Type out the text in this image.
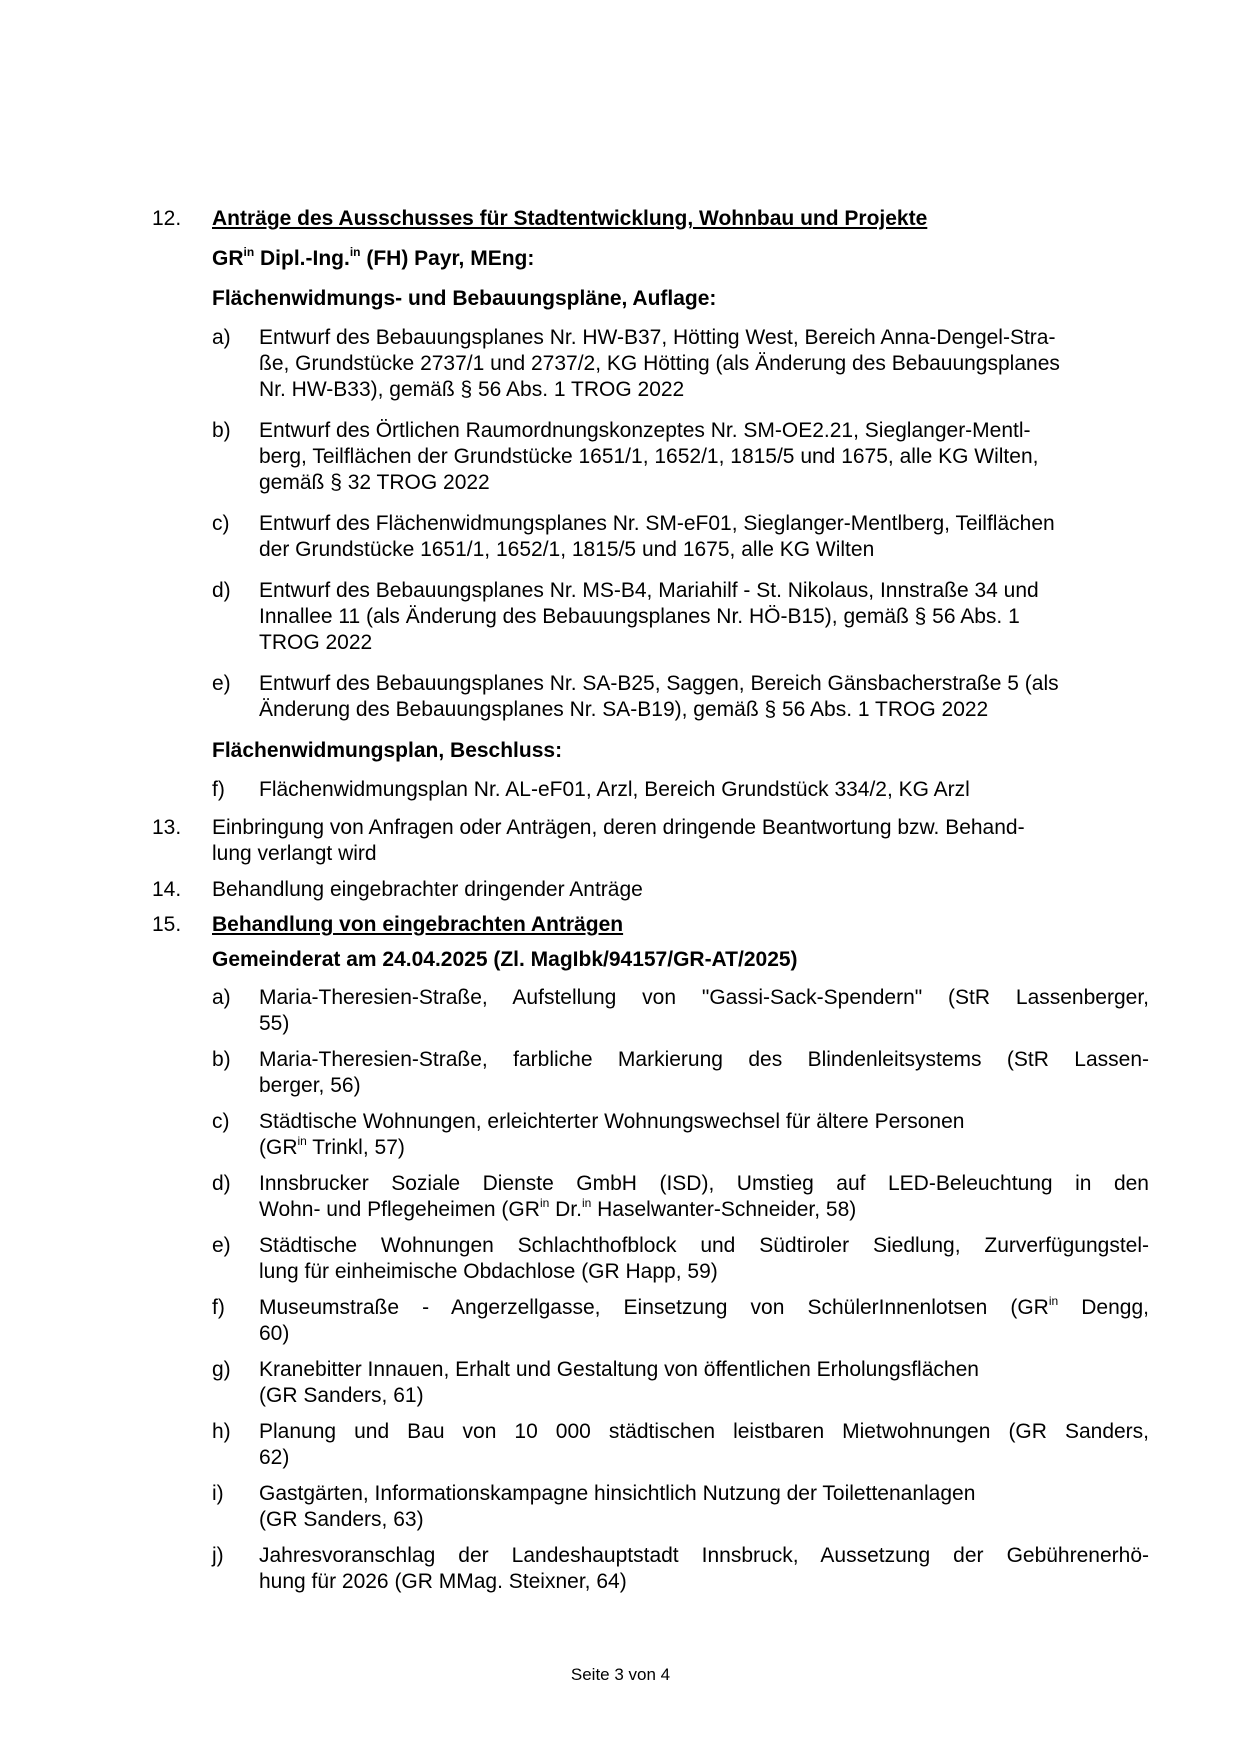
12.	Anträge des Ausschusses für Stadtentwicklung, Wohnbau und Projekte
$GR^{in}$ Dipl.-Ing.$^{in}$ (FH) Payr, MEng:
Flächenwidmungs- und Bebauungspläne, Auflage:
a)	Entwurf des Bebauungsplanes Nr. HW-B37, Hötting West, Bereich Anna-Dengel-Stra-

ße, Grundstücke 2737/1 und 2737/2, KG Hötting (als Änderung des Bebauungsplanes

Nr. HW-B33), gemäß § 56 Abs. 1 TROG 2022

b)	Entwurf des Örtlichen Raumordnungskonzeptes Nr. SM-OE2.21, Sieglanger-Mentl-

berg, Teilflächen der Grundstücke 1651/1, 1652/1, 1815/5 und 1675, alle KG Wilten,

gemäß § 32 TROG 2022

c)	Entwurf des Flächenwidmungsplanes Nr. SM-eF01, Sieglanger-Mentlberg, Teilflächen

der Grundstücke 1651/1, 1652/1, 1815/5 und 1675, alle KG Wilten

d)	Entwurf des Bebauungsplanes Nr. MS-B4, Mariahilf - St. Nikolaus, Innstraße 34 und

Innallee 11 (als Änderung des Bebauungsplanes Nr. HÖ-B15), gemäß § 56 Abs. 1

TROG 2022

e)	Entwurf des Bebauungsplanes Nr. SA-B25, Saggen, Bereich Gänsbacherstraße 5 (als

Änderung des Bebauungsplanes Nr. SA-B19), gemäß § 56 Abs. 1 TROG 2022

Flächenwidmungsplan, Beschluss:
f)	Flächenwidmungsplan Nr. AL-eF01, Arzl, Bereich Grundstück 334/2, KG Arzl

13.	Einbringung von Anfragen oder Anträgen, deren dringende Beantwortung bzw. Behand-
lung verlangt wird
14.	Behandlung eingebrachter dringender Anträge
15.	Behandlung von eingebrachten Anträgen
Gemeinderat am 24.04.2025 (Zl. MagIbk/94157/GR-AT/2025)
a)	Maria-Theresien-Straße, Aufstellung von "Gassi-Sack-Spendern" (StR Lassenberger,

55)

b)	Maria-Theresien-Straße, farbliche Markierung des Blindenleitsystems (StR Lassen-

berger, 56)

c)	Städtische Wohnungen, erleichterter Wohnungswechsel für ältere Personen

($GR^{in}$ Trinkl, 57)

d)	Innsbrucker Soziale Dienste GmbH (ISD), Umstieg auf LED-Beleuchtung in den

Wohn- und Pflegeheimen ($GR^{in}$ Dr.$^{in}$ Haselwanter-Schneider, 58)

e)	Städtische Wohnungen Schlachthofblock und Südtiroler Siedlung, Zurverfügungstel-

lung für einheimische Obdachlose (GR Happ, 59)

f)	Museumstraße - Angerzellgasse, Einsetzung von SchülerInnenlotsen ($GR^{in}$ Dengg,

60)

g)	Kranebitter Innauen, Erhalt und Gestaltung von öffentlichen Erholungsflächen

(GR Sanders, 61)

h)	Planung und Bau von 10 000 städtischen leistbaren Mietwohnungen (GR Sanders,

62)

i)	Gastgärten, Informationskampagne hinsichtlich Nutzung der Toilettenanlagen

(GR Sanders, 63)

j)	Jahresvoranschlag der Landeshauptstadt Innsbruck, Aussetzung der Gebührenerhö-

hung für 2026 (GR MMag. Steixner, 64)

Seite 3 von 4
